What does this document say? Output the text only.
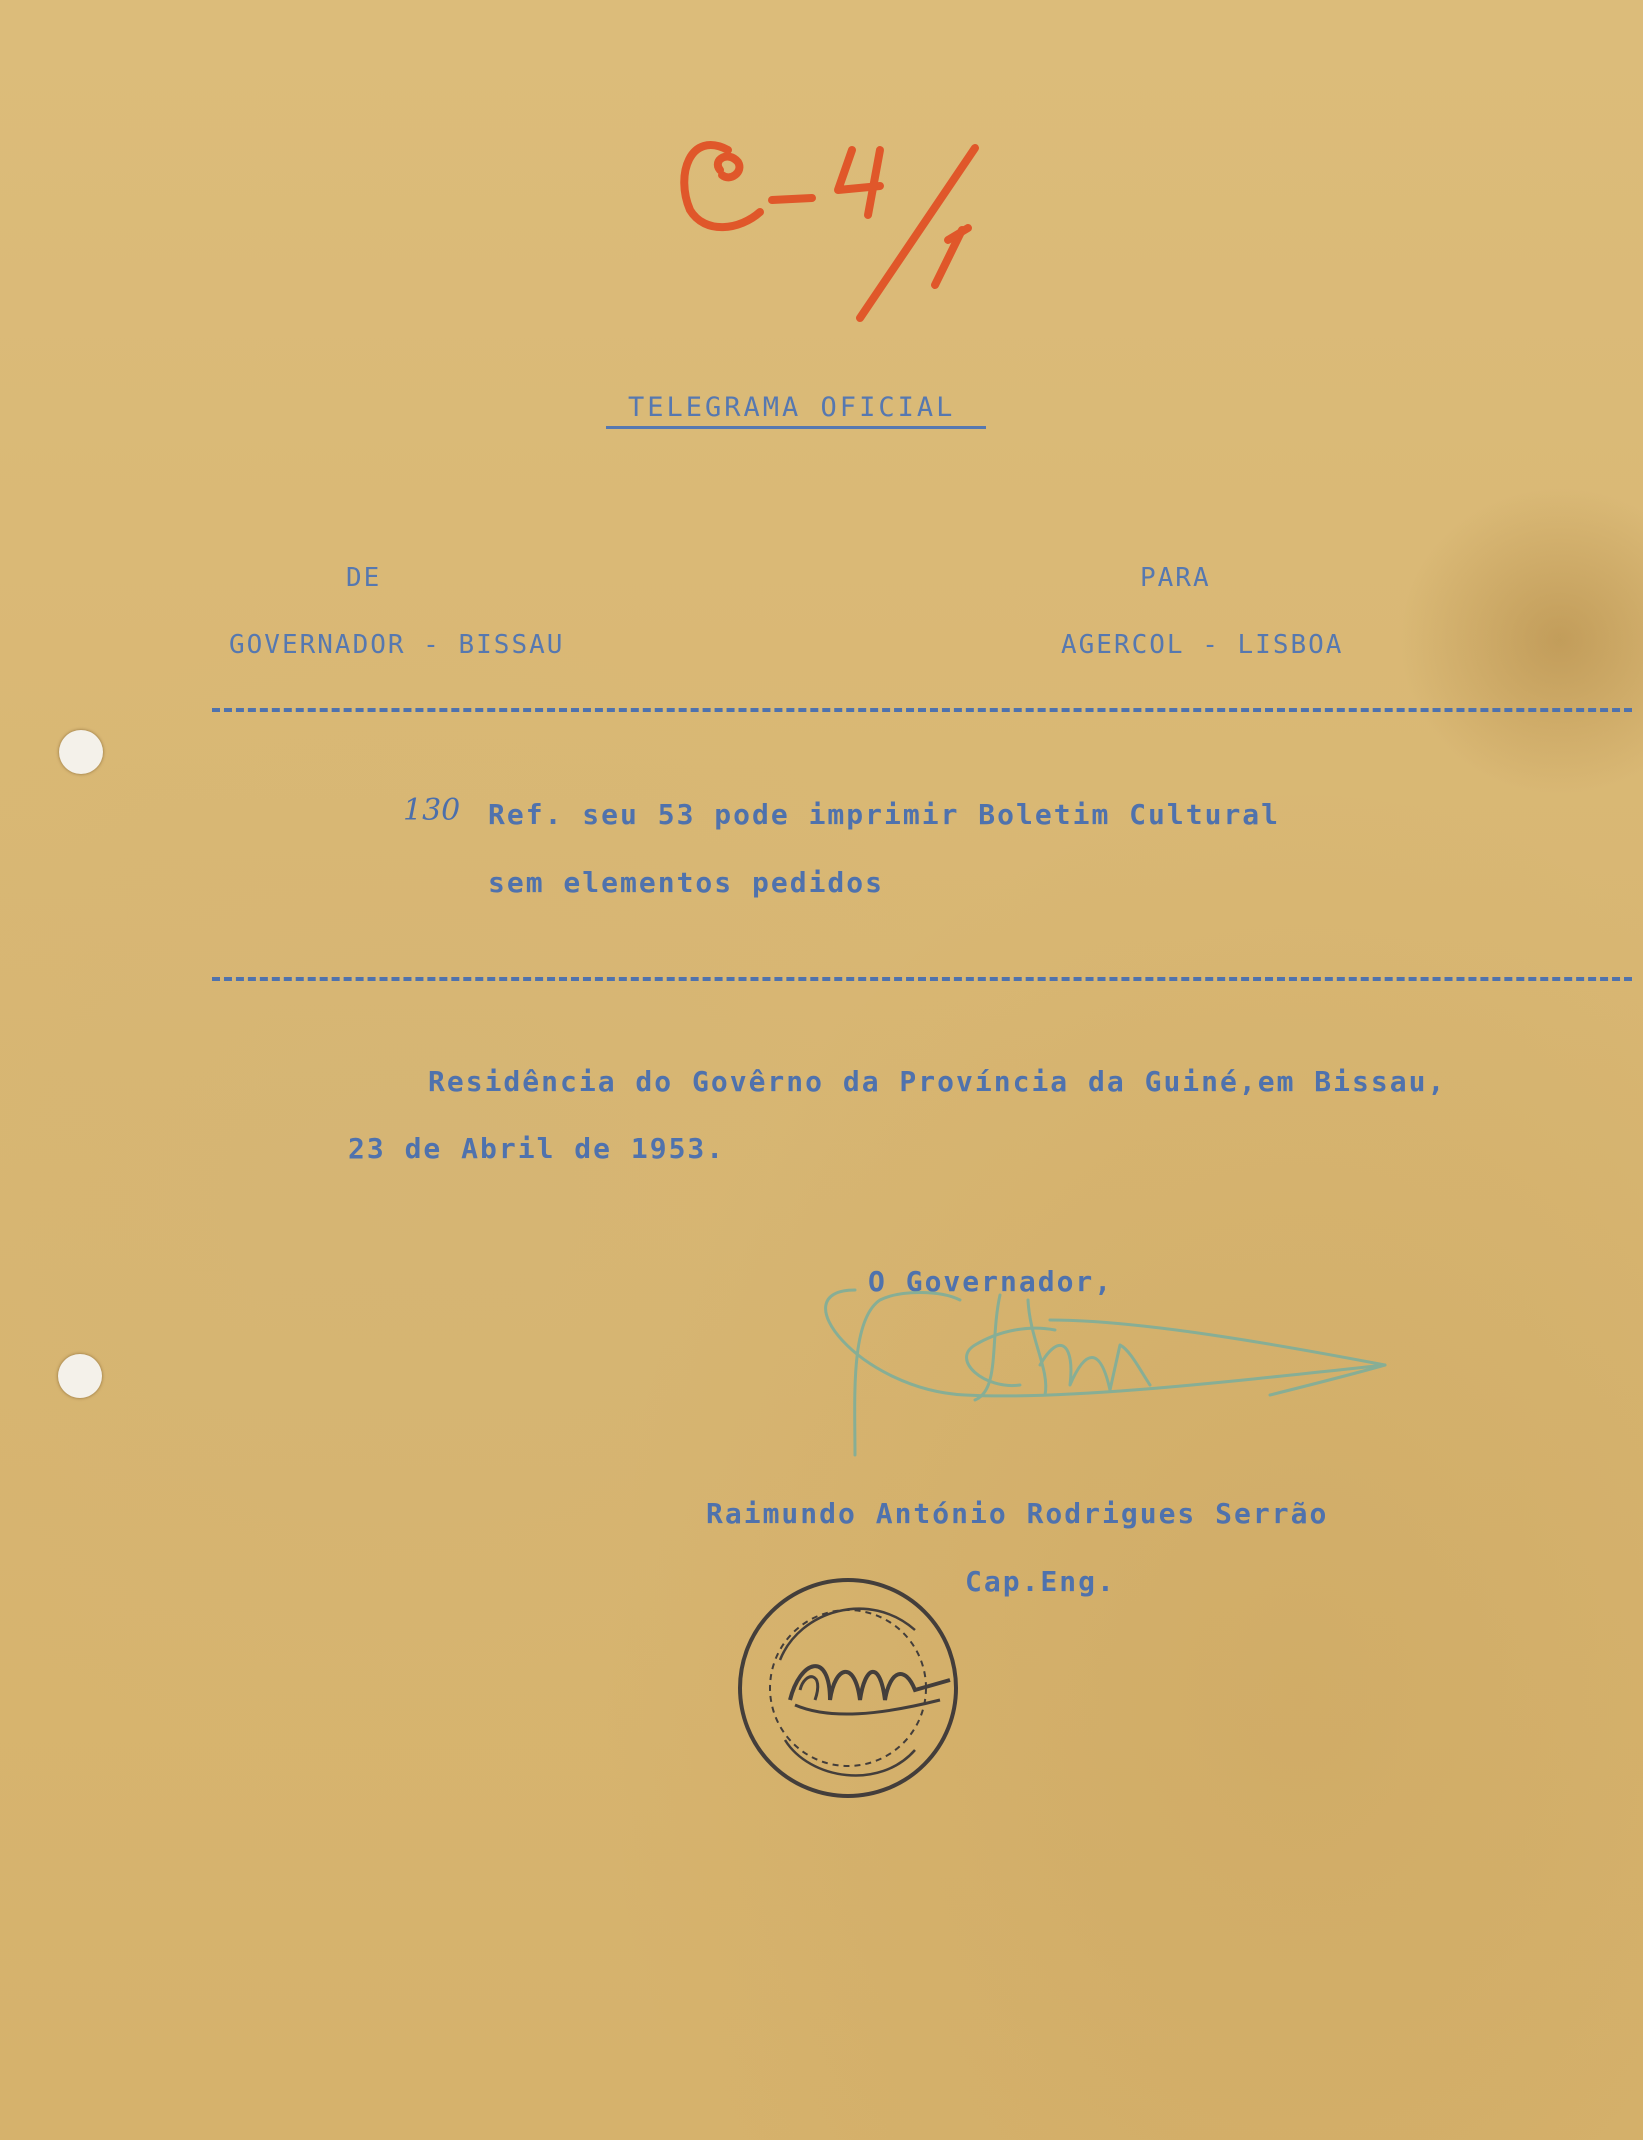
TELEGRAMA OFICIAL
DE	PARA
GOVERNADOR - BISSAU	AGERCOL - LISBOA
130 Ref. seu 53 pode imprimir Boletim Cultural
sem elementos pedidos
Residência do Govêrno da Província da Guiné,em Bissau,
23 de Abril de 1953.
O Governador,
Raimundo António Rodrigues Serrão
Cap.Eng.
